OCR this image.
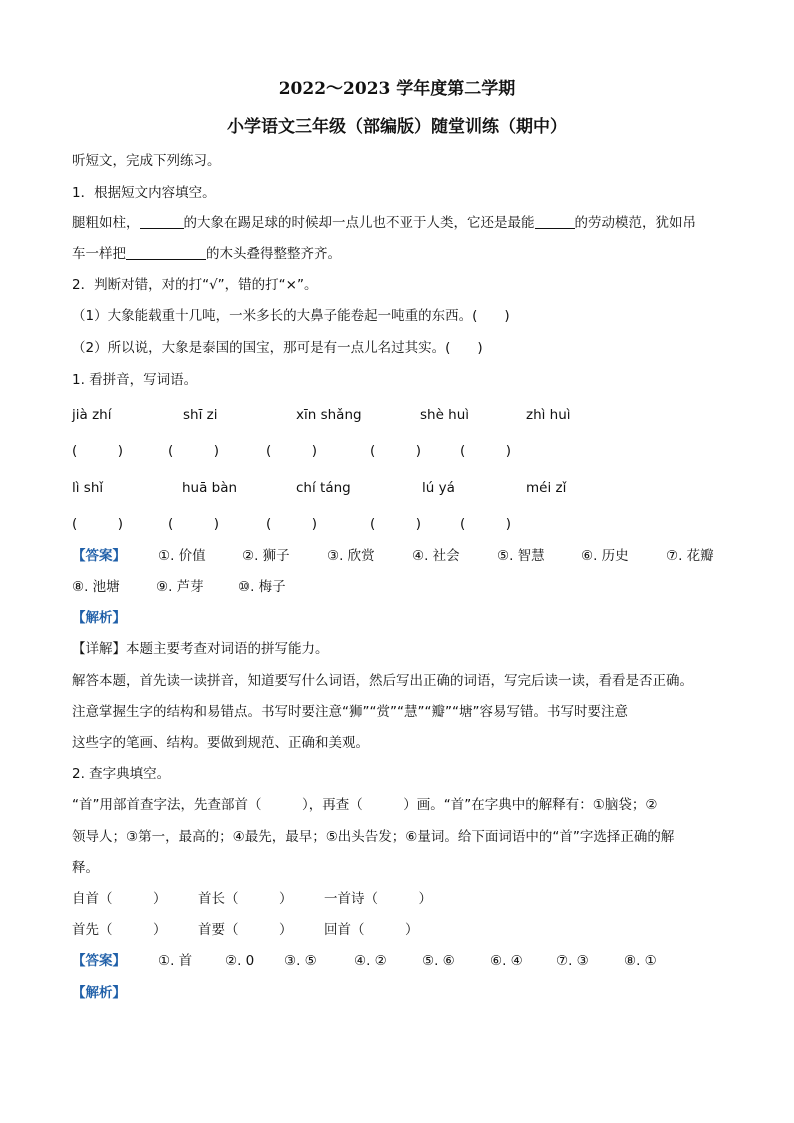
2022～2023 学年度第二学期
小学语文三年级（部编版）随堂训练（期中）
听短文，完成下列练习。
1．根据短文内容填空。
腿粗如柱，	的大象在踢足球的时候却一点儿也不亚于人类，它还是最能	的劳动模范，犹如吊
车一样把	的木头叠得整整齐齐。
2．判断对错，对的打“√”，错的打“×”。
（1）大象能载重十几吨，一米多长的大鼻子能卷起一吨重的东西。(　　)
（2）所以说，大象是泰国的国宝，那可是有一点儿名过其实。(　　)
1. 看拼音，写词语。
jià zhí	shī zi	xīn shǎng	shè huì	zhì huì
(　　　)	(　　　)	(　　　)	(　　　)	(　　　)
lì shǐ	huā bàn	chí táng	lú yá	méi zǐ
(　　　)	(　　　)	(　　　)	(　　　)	(　　　)
【答案】 ①. 价值	②. 狮子	③. 欣赏	④. 社会	⑤. 智慧	⑥. 历史	⑦. 花瓣
⑧. 池塘	⑨. 芦芽	⑩. 梅子
【解析】
【详解】本题主要考查对词语的拼写能力。
解答本题，首先读一读拼音，知道要写什么词语，然后写出正确的词语，写完后读一读，看看是否正确。
注意掌握生字的结构和易错点。书写时要注意“狮”“赏”“慧”“瓣”“塘”容易写错。书写时要注意
这些字的笔画、结构。要做到规范、正确和美观。
2. 查字典填空。
“首”用部首查字法，先查部首（　　　），再查（　　　）画。“首”在字典中的解释有：①脑袋；②
领导人；③第一，最高的；④最先，最早；⑤出头告发；⑥量词。给下面词语中的“首”字选择正确的解
释。
自首（　　　） 首长（　　　） 一首诗（　　　）
首先（　　　） 首要（　　　） 回首（　　　）
【答案】 ①. 首 ②. 0 ③. ⑤	④. ②	⑤. ⑥	⑥. ④ ⑦. ③	⑧. ①
【解析】
